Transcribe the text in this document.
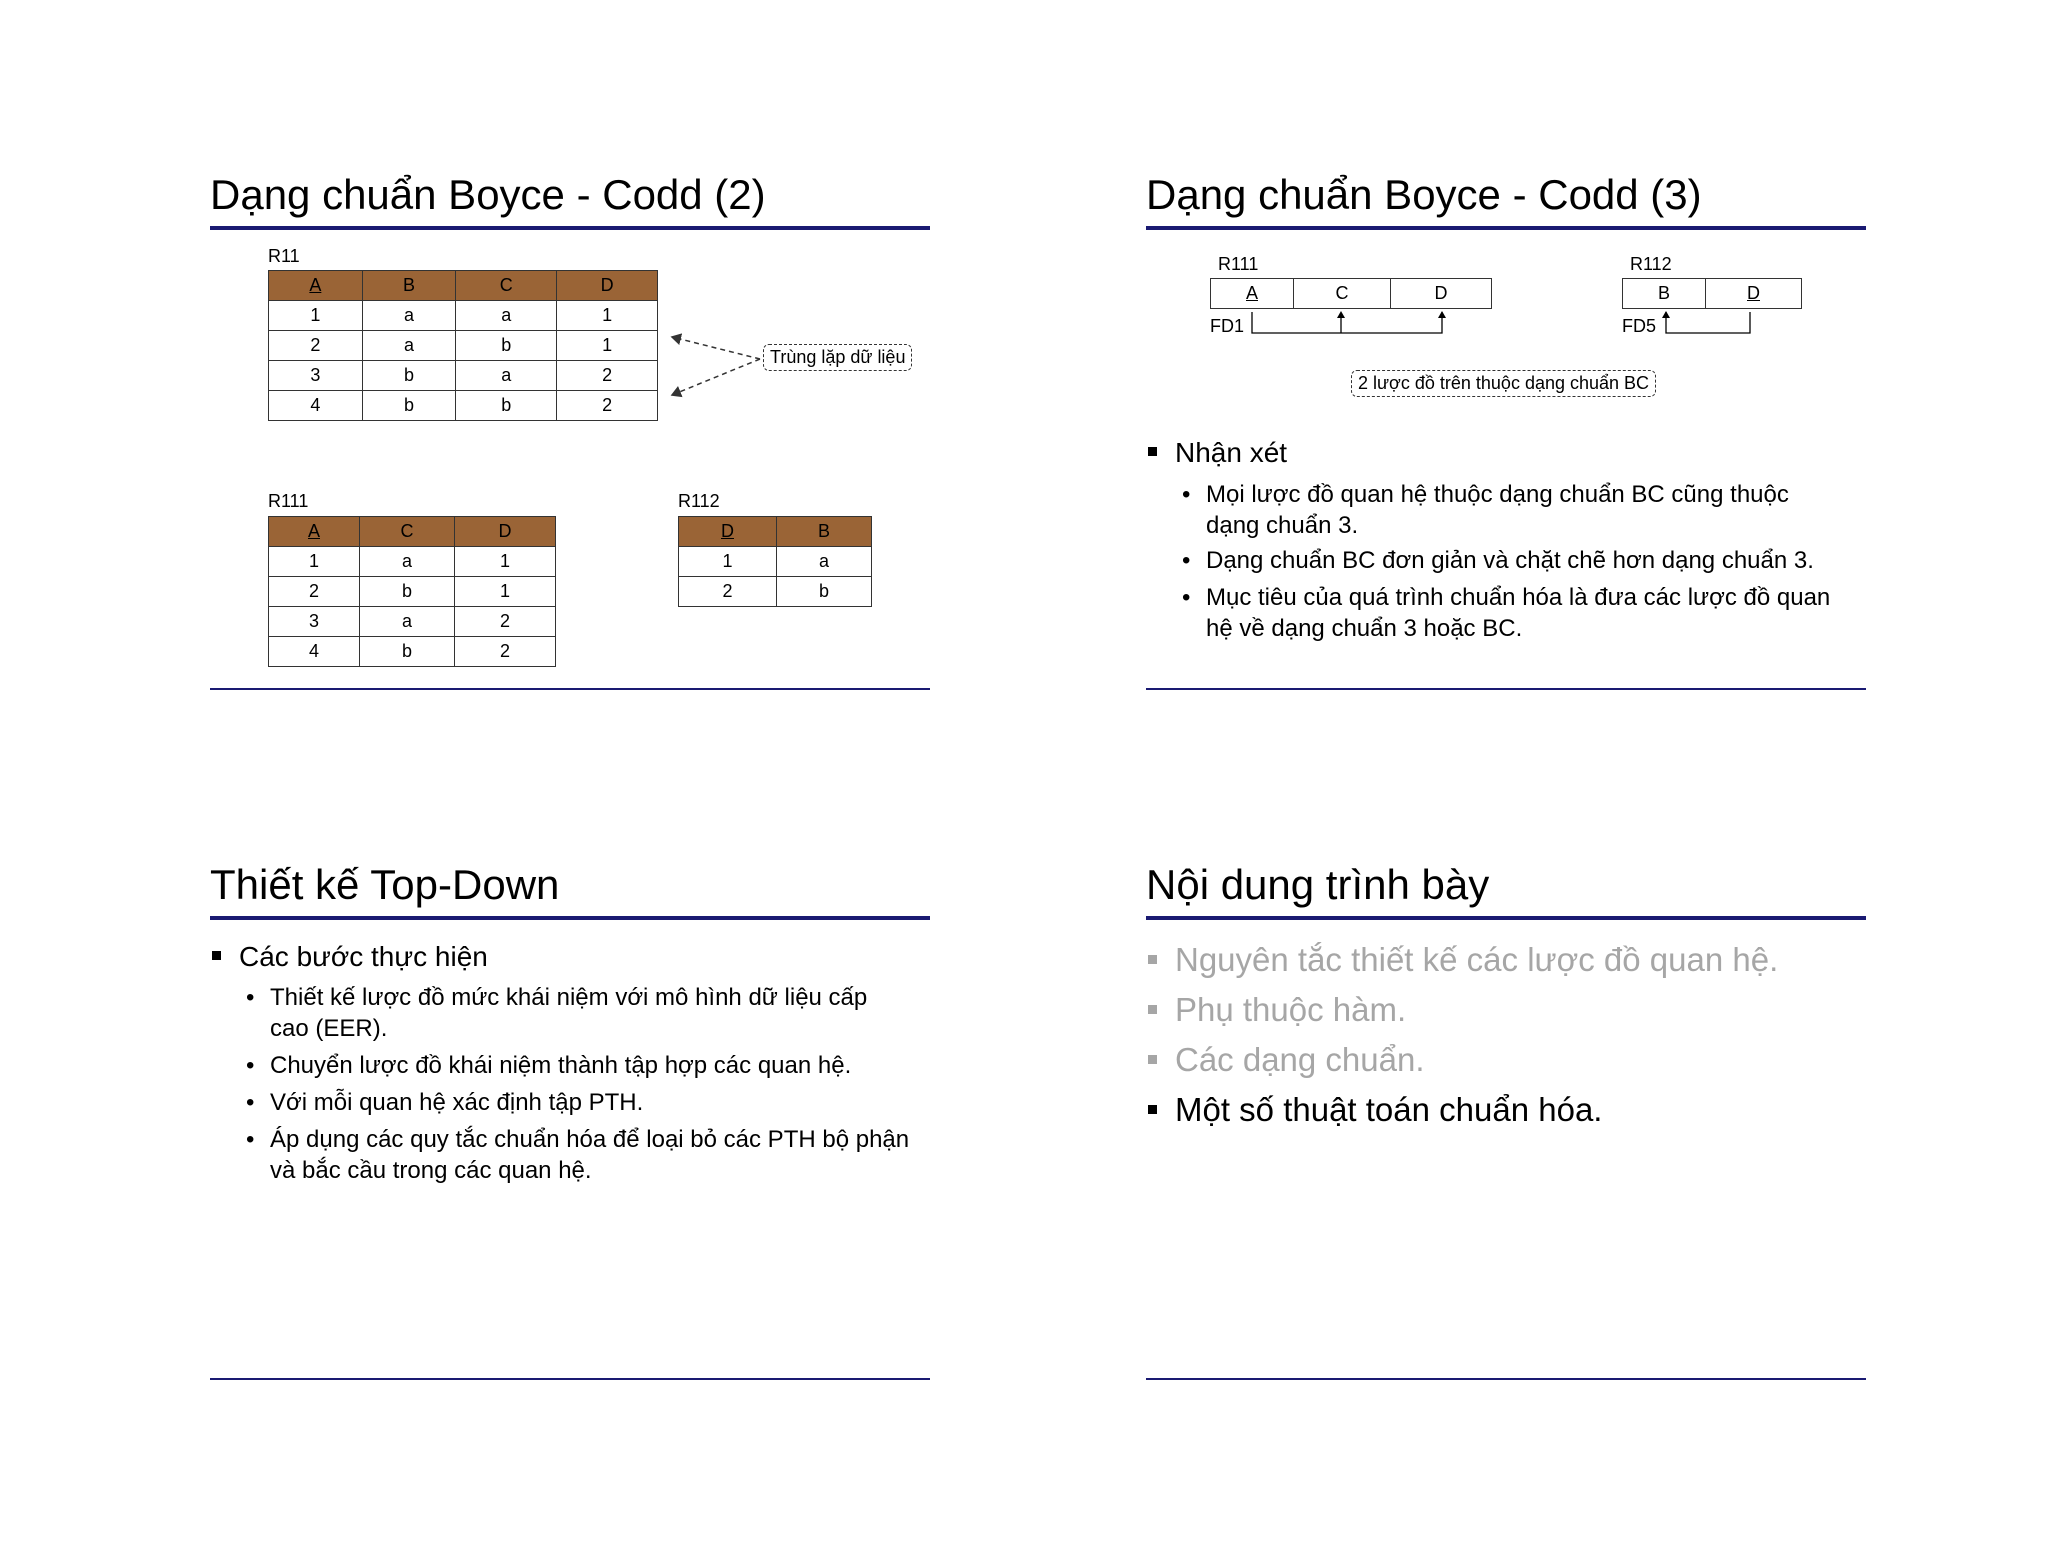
Dạng chuẩn Boyce - Codd (2)
R11
A	B	C	D
1	a	a	1
2	a	b	1
3	b	a	2
4	b	b	2
Trùng lặp dữ liệu
R111
A	C	D
1	a	1
2	b	1
3	a	2
4	b	2
R112
D	B
1	a
2	b
Dạng chuẩn Boyce - Codd (3)
R111
A	C	D
FD1
R112
B	D
FD5
2 lược đồ trên thuộc dạng chuẩn BC
Nhận xét
• Mọi lược đồ quan hệ thuộc dạng chuẩn BC cũng thuộc dạng chuẩn 3.
• Dạng chuẩn BC đơn giản và chặt chẽ hơn dạng chuẩn 3.
• Mục tiêu của quá trình chuẩn hóa là đưa các lược đồ quan hệ về dạng chuẩn 3 hoặc BC.
Thiết kế Top-Down
Các bước thực hiện
• Thiết kế lược đồ mức khái niệm với mô hình dữ liệu cấp cao (EER).
• Chuyển lược đồ khái niệm thành tập hợp các quan hệ.
• Với mỗi quan hệ xác định tập PTH.
• Áp dụng các quy tắc chuẩn hóa để loại bỏ các PTH bộ phận và bắc cầu trong các quan hệ.
Nội dung trình bày
Nguyên tắc thiết kế các lược đồ quan hệ.
Phụ thuộc hàm.
Các dạng chuẩn.
Một số thuật toán chuẩn hóa.
